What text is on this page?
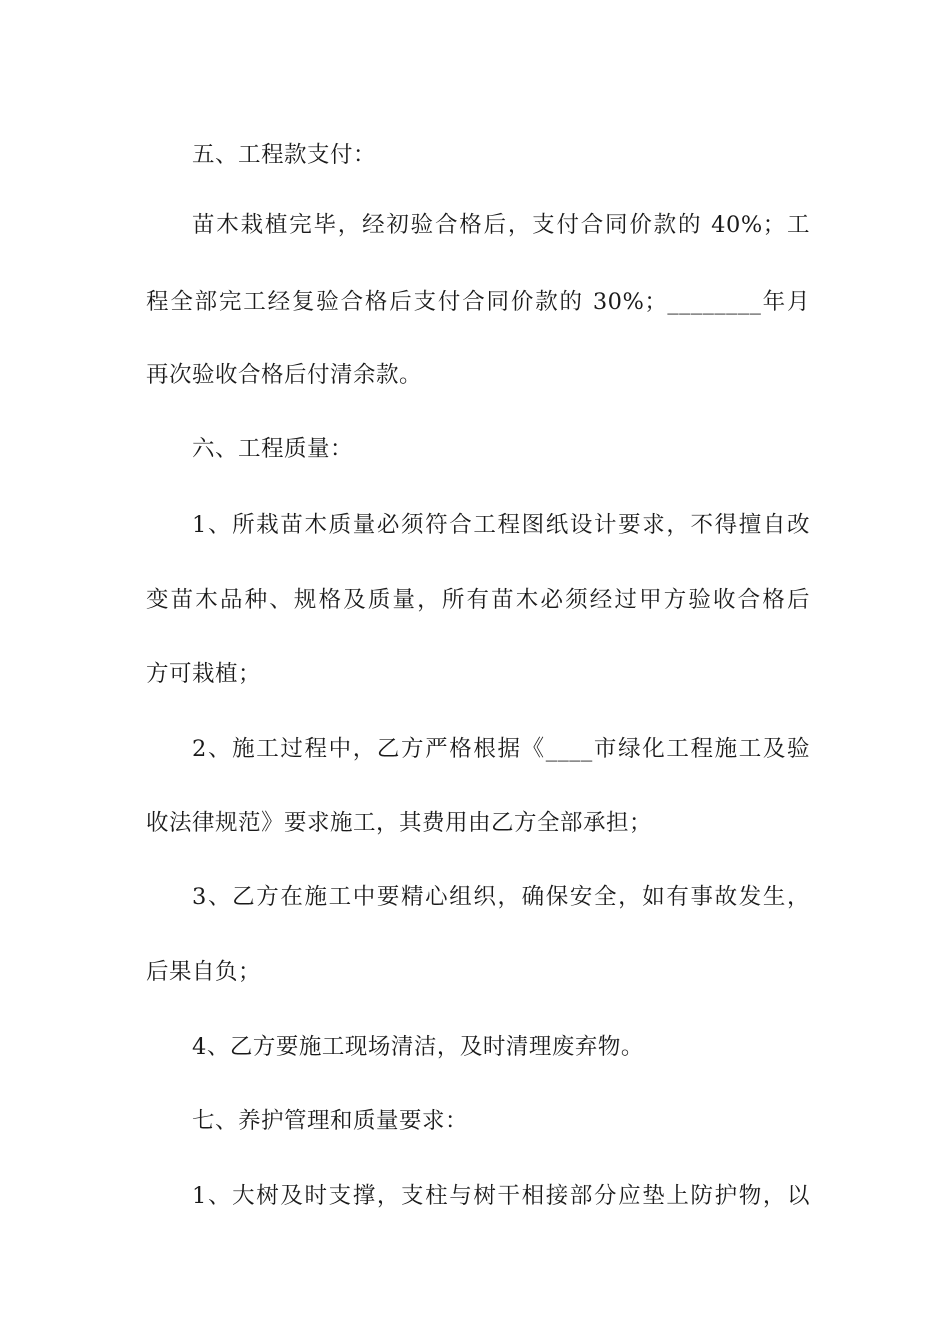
五、工程款支付：
苗木栽植完毕，经初验合格后，支付合同价款的 40%；工
程全部完工经复验合格后支付合同价款的 30%；________年月
再次验收合格后付清余款。
六、工程质量：
1、所栽苗木质量必须符合工程图纸设计要求，不得擅自改
变苗木品种、规格及质量，所有苗木必须经过甲方验收合格后
方可栽植；
2、施工过程中，乙方严格根据《____市绿化工程施工及验
收法律规范》要求施工，其费用由乙方全部承担；
3、乙方在施工中要精心组织，确保安全，如有事故发生，
后果自负；
4、乙方要施工现场清洁，及时清理废弃物。
七、养护管理和质量要求：
1、大树及时支撑，支柱与树干相接部分应垫上防护物，以
